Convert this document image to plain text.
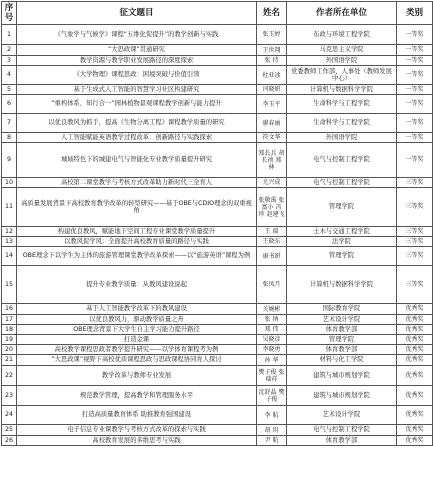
序号	征文题目	姓名	作者所在单位	类别
1	《气象学与气候学》课程“五维化促提升”的教学创新与实践	张玉婷	布政与环境工程学院	一等奖
2	“大思政课”贯通研究	王世翔	马克思主义学院	一等奖
3	教学资源与教学职业发展路径的深度探索	张 持	外国语学院	一等奖
4	《大学物理》课程思政：困境突破与价值引领	杜亚冰	党委教师工作部，人事处（教师发展中心）	一等奖
5	基于生成式人工智能的智慧学习社区构建研究	闫晓妍	计算机与数据科学学院	一等奖
6	“重构体系，知行合一”园林植物景观课程教学创新与能力提升	李玉平	生命科学与工程学院	一等奖
7	以优良教风为抓手，提高《生物分离工程》课程教学质量的研究	廖春丽	生命科学与工程学院	一等奖
8	人工智能赋能英语教学过程改革：创新路径与实践探索	符文华	外国语学院	一等奖
9	城域特色下的城建电气与智能化专业教学质量提升研究	郑长兵 胡长祯 郑 林	电气与控制工程学院	一等奖
10	高校第二课堂教学与考核方式改革助力新时代三全育人	尤兴成	电气与控制工程学院	三等奖
11	高质量发展背景下高校教育教学改革的转型研究——基于OBE与CDIO理念的双重视角	张敬禹 张富小 冯 珍 赵建飞	管理学院	三等奖
12	构建优良教风，赋能地下空间工程专业课堂教学质量提升	王 瑞	土木与交通工程学院	三等奖
13	以教风促学风：全面提升高校教育质量的路径与实践	王晓东	法学院	三等奖
14	OBE理念下以学生为主体的旅游管理课堂教学改革探索——以“旅游英语”课程为例	康书妍	管理学院	三等奖
15	提升专业教学质量：从教风建设说起	张凤月	计算机与数据科学学院	三等奖
16	基于人工智能教学改革下的教风建设	关婉彬	国际教育学院	优秀奖
17	以优良教风力，驱动教学质量之舟	张 纳	艺术设计学院	优秀奖
18	OBE理念背景下大学生自主学习能力提升路径	郑 伟	体育教学部	优秀奖
19	打造金课	吴晓彦	管理学院	优秀奖
20	高校教学课程思政者教学提升研究——以学体育课程考为例	李晓勇	体育教学部	优秀奖
21	“大思政课”视野下高校优质课程思政与思政课程协同育人探讨	孙 华	材料与化工学院	优秀奖
22	教学改革与教师专业发展	樊子俊 张瑞祥	建筑与城市规划学院	优秀奖
23	规范教学管理，提高教学和管理服务水平	沈舒晶 樊子俊	建筑与城市规划学院	优秀奖
24	打造高质量教育体系 助推教育强国建设	李 航	艺术设计学院	优秀奖
25	电子信息专业课教学与考核方式改革的探索与实践	胡 玥	电气与控制工程学院	优秀奖
26	高校教育发展的多维思考与实践	尹 航	体育教学部	优秀奖
